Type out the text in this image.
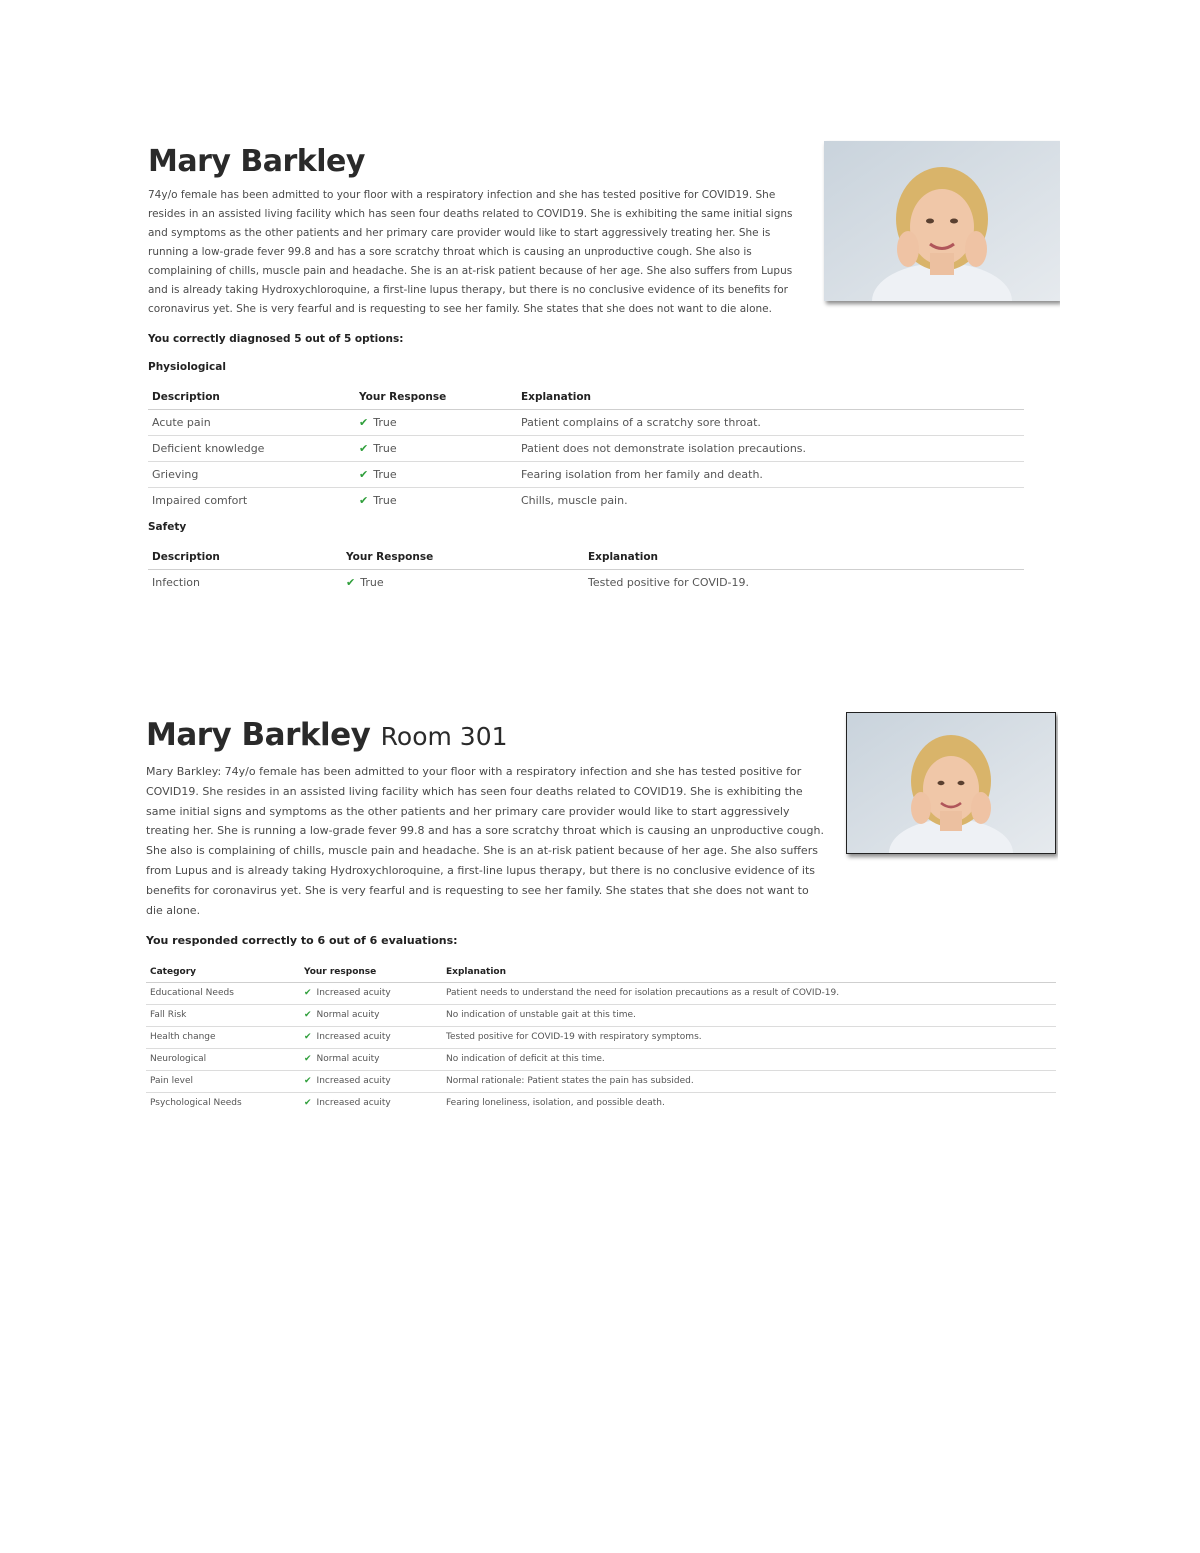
Mary Barkley

74y/o female has been admitted to your floor with a respiratory infection and she has tested positive for COVID19. She resides in an assisted living facility which has seen four deaths related to COVID19. She is exhibiting the same initial signs and symptoms as the other patients and her primary care provider would like to start aggressively treating her. She is running a low-grade fever 99.8 and has a sore scratchy throat which is causing an unproductive cough. She also is complaining of chills, muscle pain and headache. She is an at-risk patient because of her age. She also suffers from Lupus and is already taking Hydroxychloroquine, a first-line lupus therapy, but there is no conclusive evidence of its benefits for coronavirus yet. She is very fearful and is requesting to see her family. She states that she does not want to die alone.

You correctly diagnosed 5 out of 5 options:

Physiological

Description	Your Response	Explanation
Acute pain	✔ True	Patient complains of a scratchy sore throat.
Deficient knowledge	✔ True	Patient does not demonstrate isolation precautions.
Grieving	✔ True	Fearing isolation from her family and death.
Impaired comfort	✔ True	Chills, muscle pain.

Safety

Description	Your Response	Explanation
Infection	✔ True	Tested positive for COVID-19.
Mary Barkley Room 301

Mary Barkley: 74y/o female has been admitted to your floor with a respiratory infection and she has tested positive for COVID19. She resides in an assisted living facility which has seen four deaths related to COVID19. She is exhibiting the same initial signs and symptoms as the other patients and her primary care provider would like to start aggressively treating her. She is running a low-grade fever 99.8 and has a sore scratchy throat which is causing an unproductive cough. She also is complaining of chills, muscle pain and headache. She is an at-risk patient because of her age. She also suffers from Lupus and is already taking Hydroxychloroquine, a first-line lupus therapy, but there is no conclusive evidence of its benefits for coronavirus yet. She is very fearful and is requesting to see her family. She states that she does not want to die alone.

You responded correctly to 6 out of 6 evaluations:

Category	Your response	Explanation
Educational Needs	✔ Increased acuity	Patient needs to understand the need for isolation precautions as a result of COVID-19.
Fall Risk	✔ Normal acuity	No indication of unstable gait at this time.
Health change	✔ Increased acuity	Tested positive for COVID-19 with respiratory symptoms.
Neurological	✔ Normal acuity	No indication of deficit at this time.
Pain level	✔ Increased acuity	Normal rationale: Patient states the pain has subsided.
Psychological Needs	✔ Increased acuity	Fearing loneliness, isolation, and possible death.
